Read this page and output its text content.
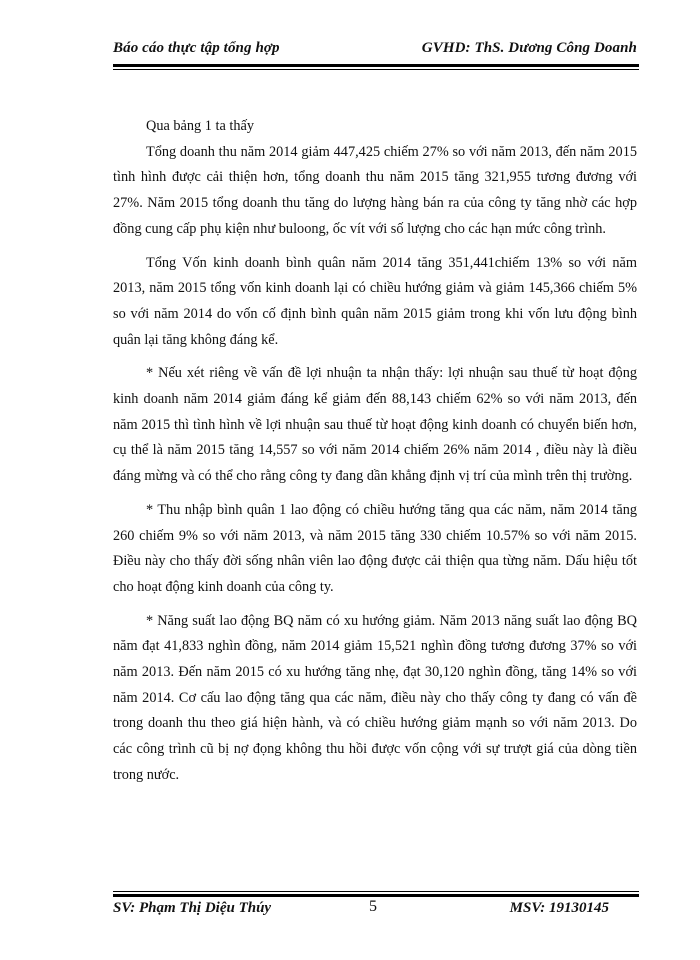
Báo cáo thực tập tổng hợp	GVHD: ThS. Dương Công Doanh

Qua bảng 1 ta thấy

Tổng doanh thu năm 2014 giảm 447,425 chiếm 27% so với năm 2013, đến năm 2015 tình hình được cải thiện hơn, tổng doanh thu năm 2015 tăng 321,955 tương đương với 27%. Năm 2015 tổng doanh thu tăng do lượng hàng bán ra của công ty tăng nhờ các hợp đồng cung cấp phụ kiện như buloong, ốc vít với số lượng cho các hạn mức công trình.

Tổng Vốn kinh doanh bình quân năm 2014 tăng 351,441chiếm 13% so với năm 2013, năm 2015 tổng vốn kinh doanh lại có chiều hướng giảm và giảm 145,366 chiếm 5% so với năm 2014 do vốn cố định bình quân năm 2015 giảm trong khi vốn lưu động bình quân lại tăng không đáng kể.

* Nếu xét riêng về vấn đề lợi nhuận ta nhận thấy: lợi nhuận sau thuế từ hoạt động kinh doanh năm 2014 giảm đáng kể giảm đến 88,143 chiếm 62% so với năm 2013, đến năm 2015 thì tình hình về lợi nhuận sau thuế từ hoạt động kinh doanh có chuyển biến hơn, cụ thể là năm 2015 tăng 14,557 so với năm 2014 chiếm 26% năm 2014 , điều này là điều đáng mừng và có thể cho rằng công ty đang dần khẳng định vị trí của mình trên thị trường.

* Thu nhập bình quân 1 lao động có chiều hướng tăng qua các năm, năm 2014 tăng 260 chiếm 9% so với năm 2013, và năm 2015 tăng 330 chiếm 10.57% so với năm 2015. Điều này cho thấy đời sống nhân viên lao động được cải thiện qua từng năm. Dấu hiệu tốt cho hoạt động kinh doanh của công ty.

* Năng suất lao động BQ năm có xu hướng giảm. Năm 2013 năng suất lao động BQ năm đạt 41,833 nghìn đồng, năm 2014 giảm 15,521 nghìn đồng tương đương 37% so với năm 2013. Đến năm 2015 có xu hướng tăng nhẹ, đạt 30,120 nghìn đồng, tăng 14% so với năm 2014. Cơ cấu lao động tăng qua các năm, điều này cho thấy công ty đang có vấn đề trong doanh thu theo giá hiện hành, và có chiều hướng giảm mạnh so với năm 2013. Do các công trình cũ bị nợ đọng không thu hồi được vốn cộng với sự trượt giá của dòng tiền trong nước.

SV: Phạm Thị Diệu Thúy	5	MSV: 19130145
